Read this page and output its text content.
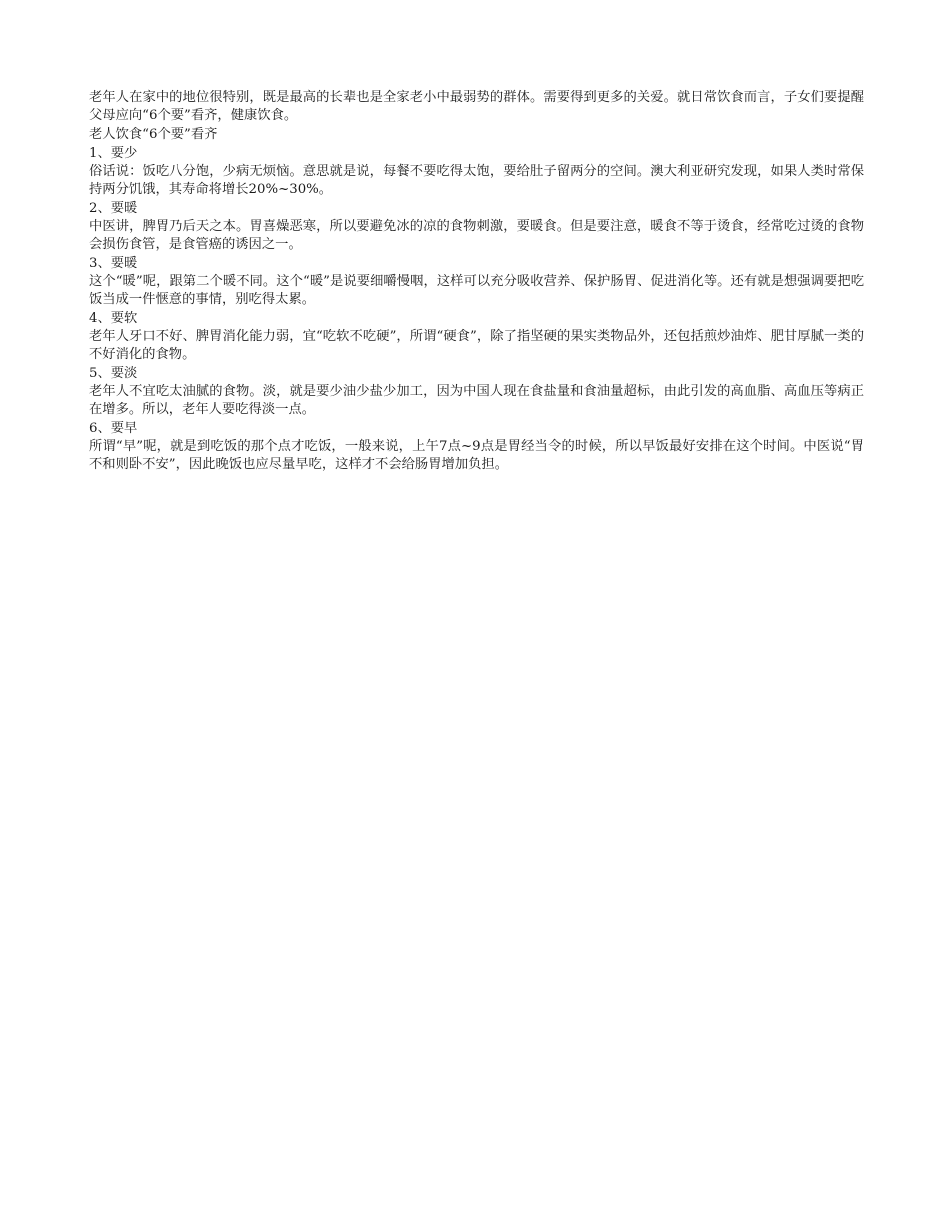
老年人在家中的地位很特别，既是最高的长辈也是全家老小中最弱势的群体。需要得到更多的关爱。就日常饮食而言，子女们要提醒父母应向“6个要”看齐，健康饮食。

老人饮食“6个要”看齐

1、要少

俗话说：饭吃八分饱，少病无烦恼。意思就是说，每餐不要吃得太饱，要给肚子留两分的空间。澳大利亚研究发现，如果人类时常保持两分饥饿，其寿命将增长20%~30%。

2、要暖

中医讲，脾胃乃后天之本。胃喜燥恶寒，所以要避免冰的凉的食物刺激，要暖食。但是要注意，暖食不等于烫食，经常吃过烫的食物会损伤食管，是食管癌的诱因之一。

3、要暖

这个“暖”呢，跟第二个暖不同。这个“暖”是说要细嚼慢咽，这样可以充分吸收营养、保护肠胃、促进消化等。还有就是想强调要把吃饭当成一件惬意的事情，别吃得太累。

4、要软

老年人牙口不好、脾胃消化能力弱，宜“吃软不吃硬”，所谓“硬食”，除了指坚硬的果实类物品外，还包括煎炒油炸、肥甘厚腻一类的不好消化的食物。

5、要淡

老年人不宜吃太油腻的食物。淡，就是要少油少盐少加工，因为中国人现在食盐量和食油量超标，由此引发的高血脂、高血压等病正在增多。所以，老年人要吃得淡一点。

6、要早

所谓“早”呢，就是到吃饭的那个点才吃饭，一般来说，上午7点~9点是胃经当令的时候，所以早饭最好安排在这个时间。中医说“胃不和则卧不安”，因此晚饭也应尽量早吃，这样才不会给肠胃增加负担。
